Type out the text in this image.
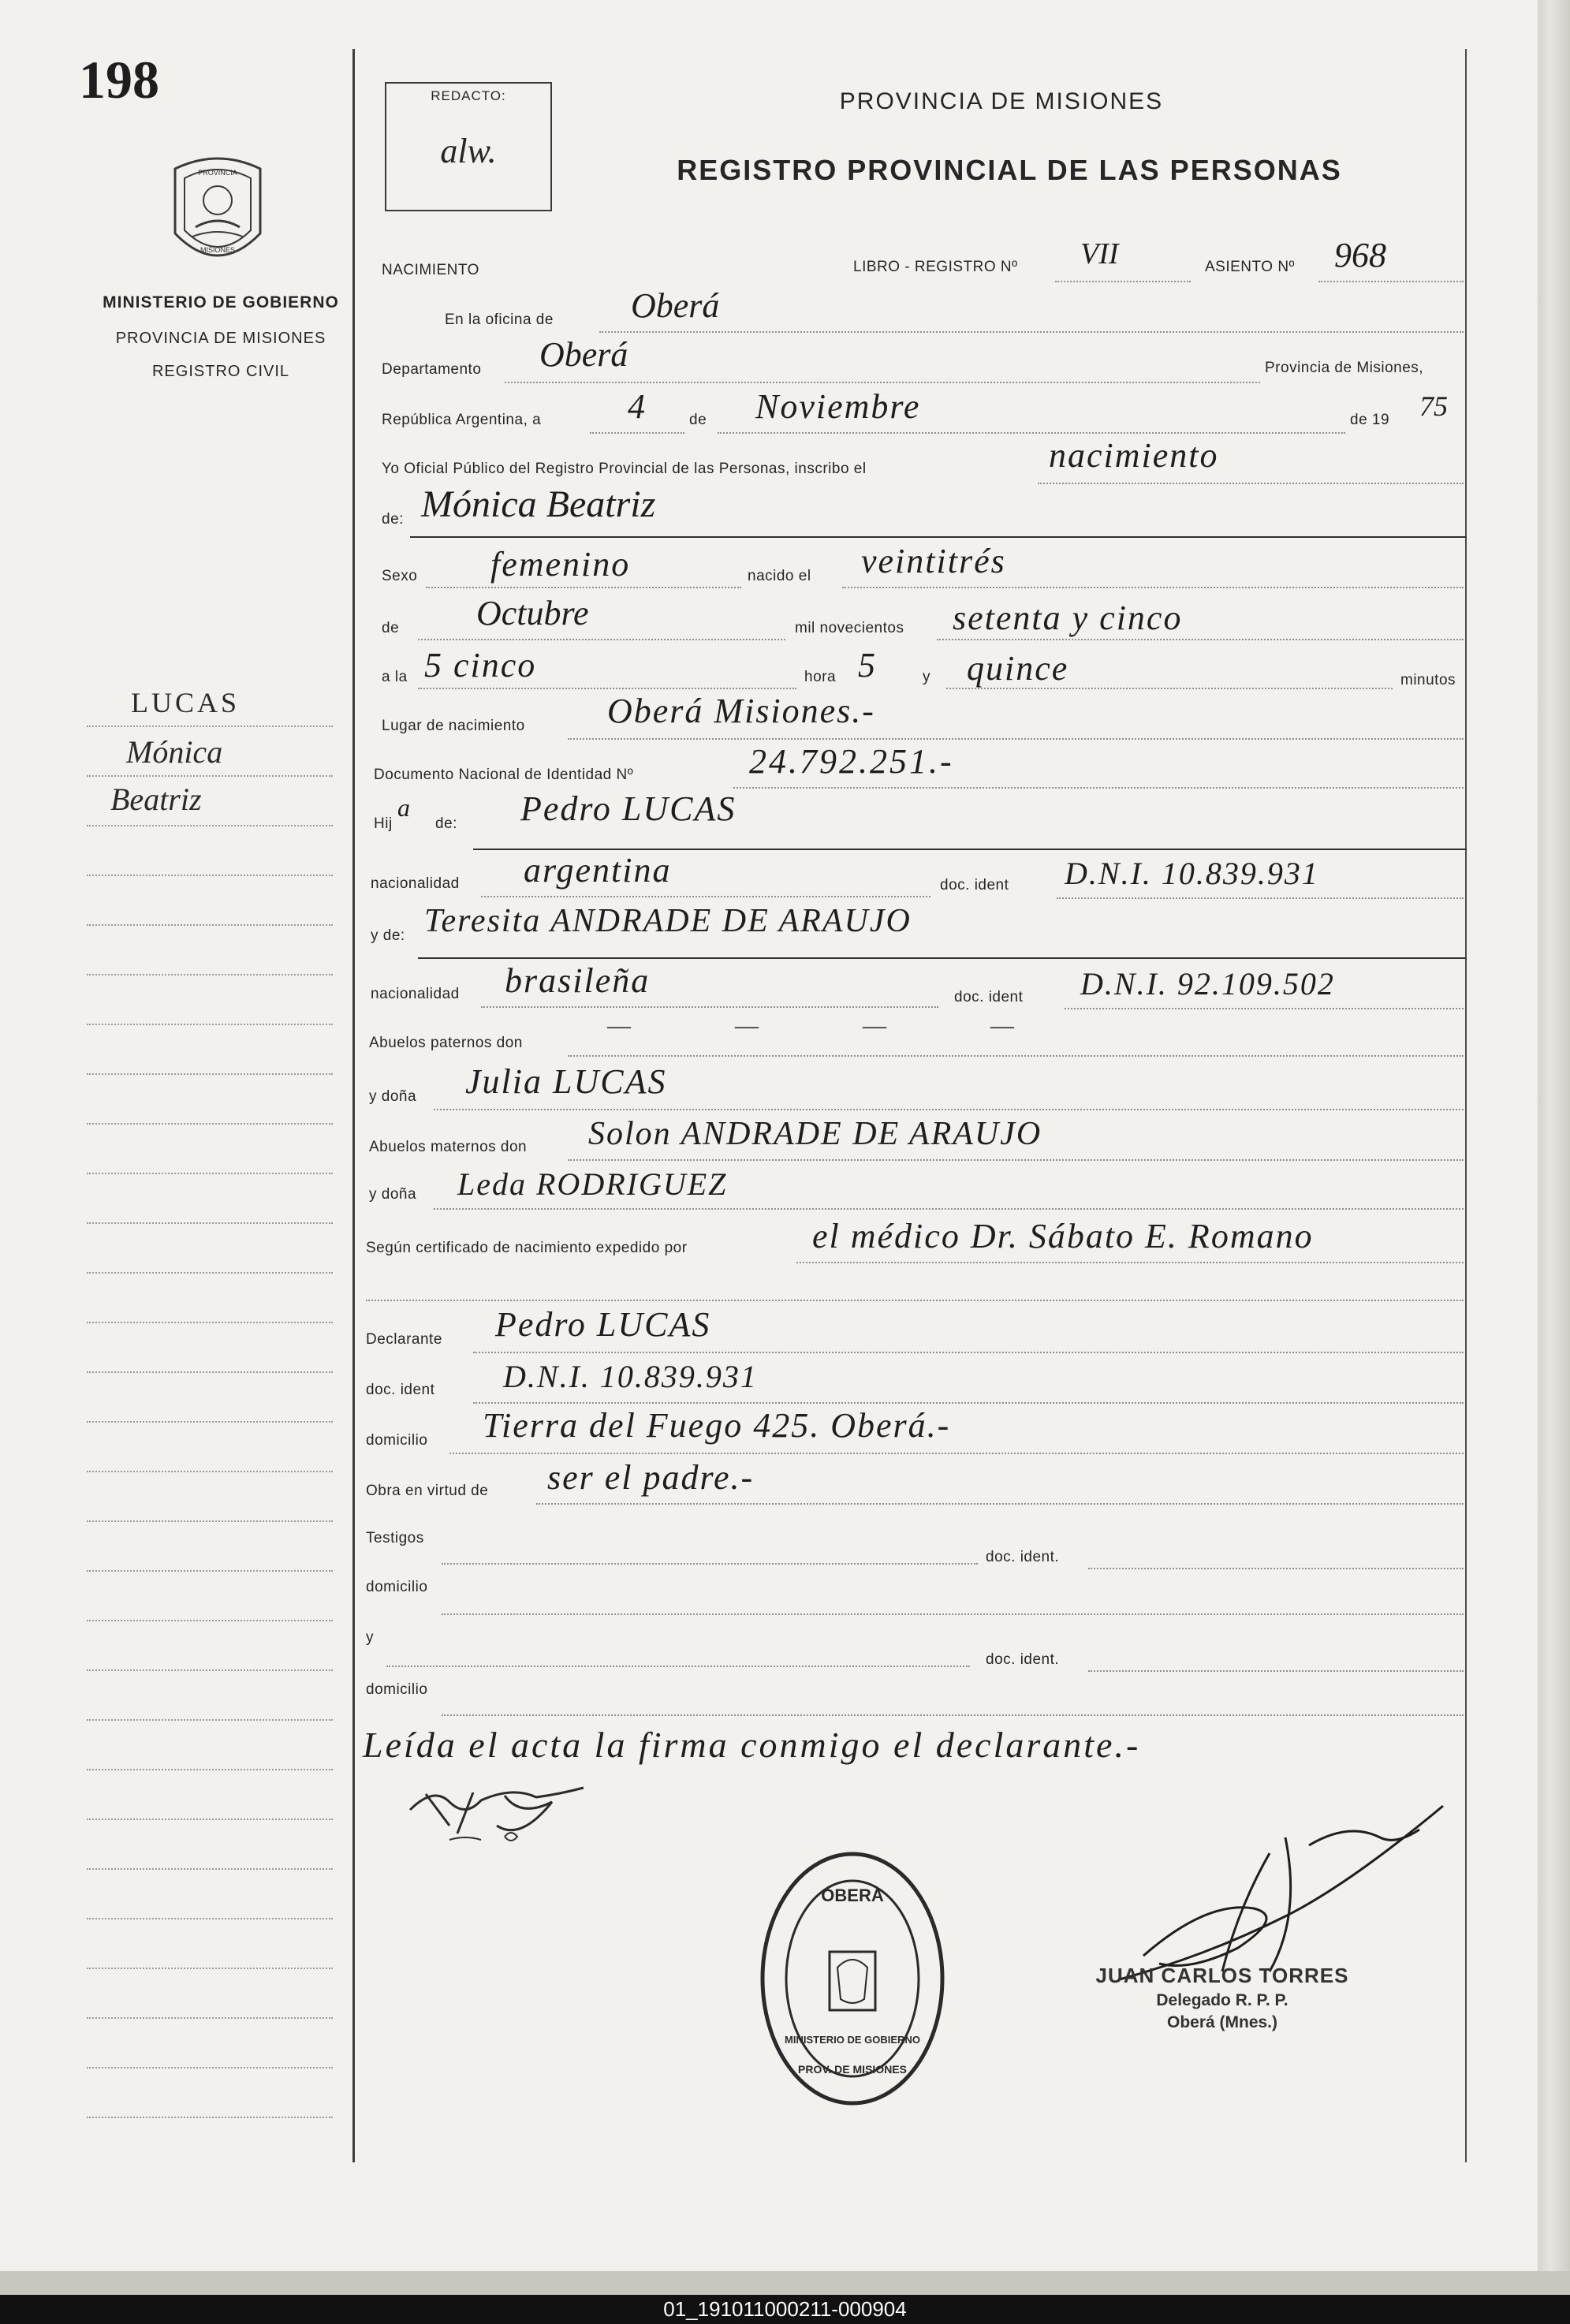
01_191011000211-000904
198
PROVINCIA
MISIONES
MINISTERIO DE GOBIERNO
PROVINCIA DE MISIONES
REGISTRO CIVIL
LUCAS
Mónica
Beatriz
REDACTO:
alw.
PROVINCIA DE MISIONES
REGISTRO PROVINCIAL DE LAS PERSONAS
NACIMIENTO	LIBRO - REGISTRO Nº VII	ASIENTO Nº 968
En la oficina de Oberá
Departamento Oberá	Provincia de Misiones,
República Argentina, a 4	de Noviembre	de 19 75
Yo Oficial Público del Registro Provincial de las Personas, inscribo el	nacimiento
de: Mónica Beatriz
Sexo femenino	nacido el veintitrés
de Octubre	mil novecientos setenta y cinco
a la 5 cinco	hora 5	y quince	minutos
Lugar de nacimiento Oberá Misiones.-
Documento Nacional de Identidad Nº	24.792.251.-
Hij
a
de: Pedro LUCAS
nacionalidad argentina	doc. ident D.N.I. 10.839.931
y de: Teresita ANDRADE DE ARAUJO
nacionalidad brasileña	doc. ident D.N.I. 92.109.502
Abuelos paternos don
—        —        —        —
y doña Julia LUCAS
Abuelos maternos don Solon ANDRADE DE ARAUJO
y doña Leda RODRIGUEZ
Según certificado de nacimiento expedido por	el médico Dr. Sábato E. Romano
Declarante Pedro LUCAS
doc. ident D.N.I. 10.839.931
domicilio Tierra del Fuego 425. Oberá.-
Obra en virtud de ser el padre.-
Testigos
doc. ident.
domicilio
y
doc. ident.
domicilio
Leída el acta la firma conmigo el declarante.-
OBERA
PROV. DE MISIONES
MINISTERIO DE GOBIERNO
JUAN CARLOS TORRES
Delegado R. P. P.
Oberá (Mnes.)
